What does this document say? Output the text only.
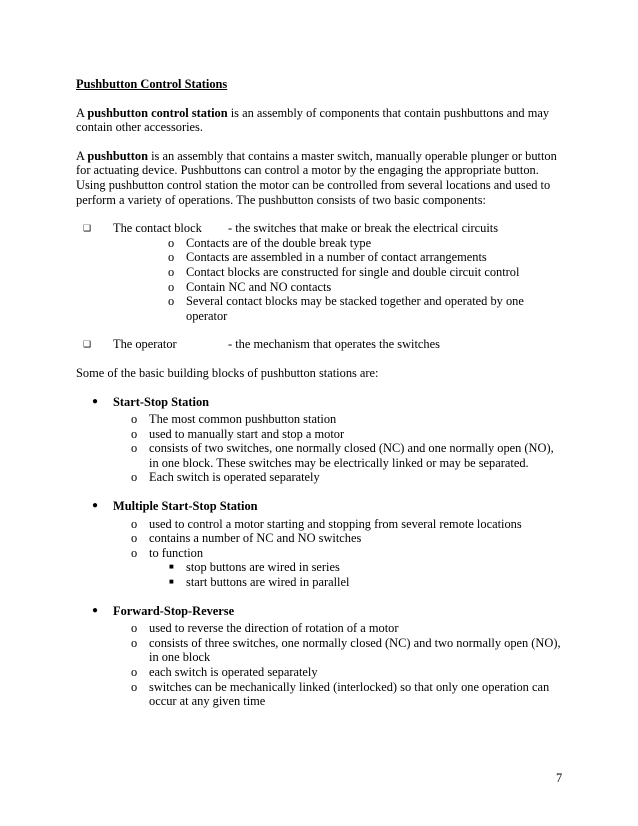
Pushbutton Control Stations

A pushbutton control station is an assembly of components that contain pushbuttons and may contain other accessories.

A pushbutton is an assembly that contains a master switch, manually operable plunger or button for actuating device. Pushbuttons can control a motor by the engaging the appropriate button. Using pushbutton control station the motor can be controlled from several locations and used to perform a variety of operations. The pushbutton consists of two basic components:

❑ The contact block	- the switches that make or break the electrical circuits
o Contacts are of the double break type
o Contacts are assembled in a number of contact arrangements
o Contact blocks are constructed for single and double circuit control
o Contain NC and NO contacts
o Several contact blocks may be stacked together and operated by one operator
❑ The operator	- the mechanism that operates the switches

Some of the basic building blocks of pushbutton stations are:

● Start-Stop Station
o The most common pushbutton station
o used to manually start and stop a motor
o consists of two switches, one normally closed (NC) and one normally open (NO), in one block. These switches may be electrically linked or may be separated.
o Each switch is operated separately
● Multiple Start-Stop Station
o used to control a motor starting and stopping from several remote locations
o contains a number of NC and NO switches
o to function
■ stop buttons are wired in series
■ start buttons are wired in parallel
● Forward-Stop-Reverse
o used to reverse the direction of rotation of a motor
o consists of three switches, one normally closed (NC) and two normally open (NO), in one block
o each switch is operated separately
o switches can be mechanically linked (interlocked) so that only one operation can occur at any given time
7
